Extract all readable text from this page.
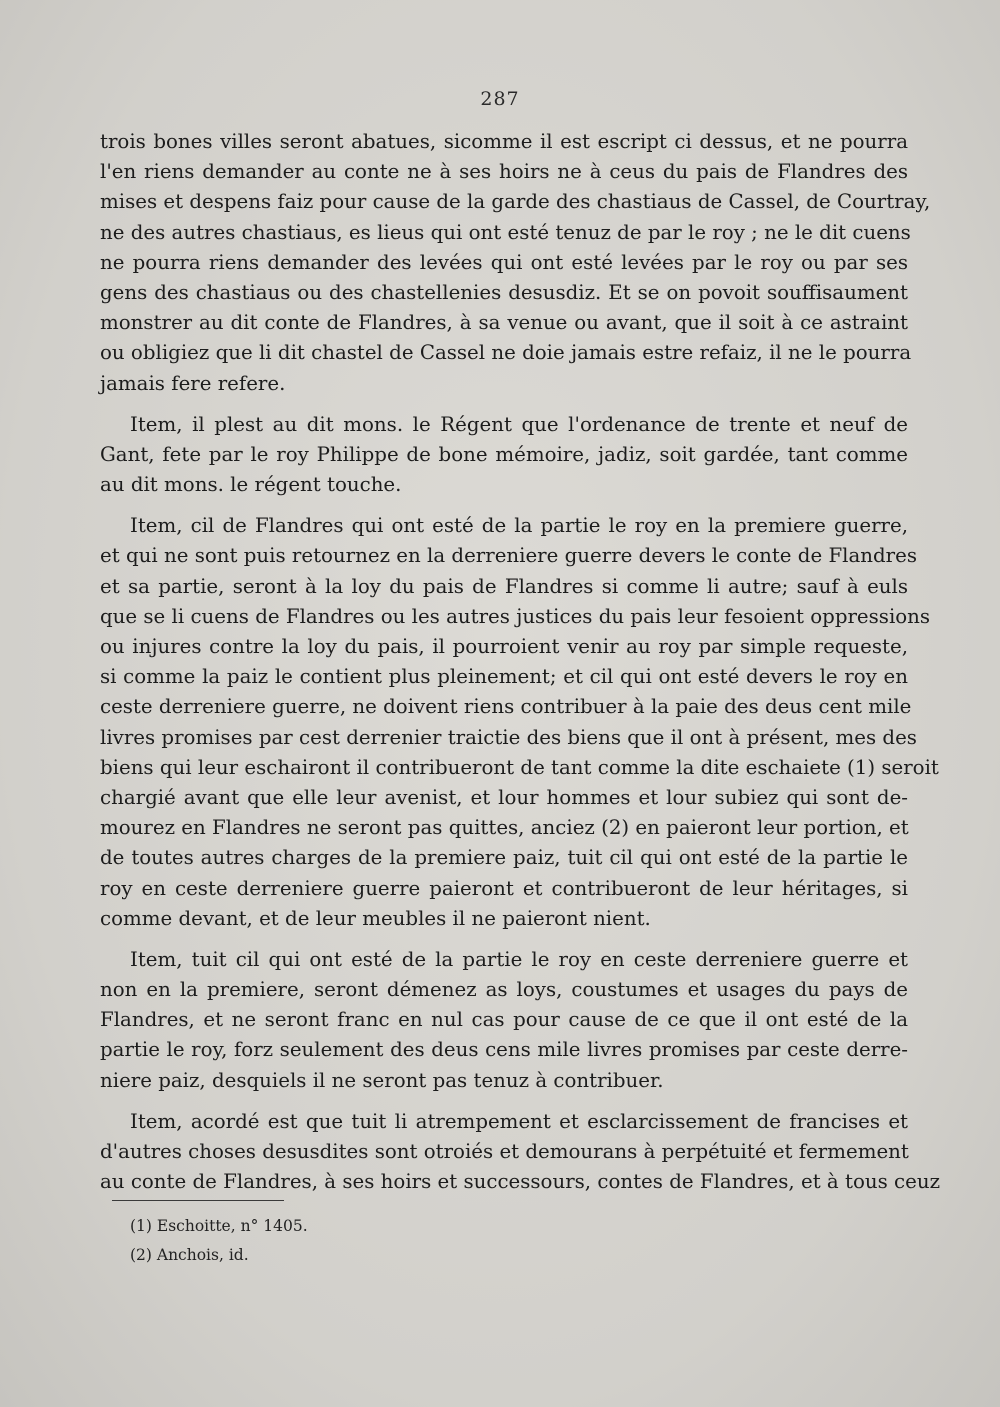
287
trois bones villes seront abatues, sicomme il est escript ci dessus, et ne pourra
l'en riens demander au conte ne à ses hoirs ne à ceus du pais de Flandres des
mises et despens faiz pour cause de la garde des chastiaus de Cassel, de Courtray,
ne des autres chastiaus, es lieus qui ont esté tenuz de par le roy ; ne le dit cuens
ne pourra riens demander des levées qui ont esté levées par le roy ou par ses
gens des chastiaus ou des chastellenies desusdiz. Et se on povoit souffisaument
monstrer au dit conte de Flandres, à sa venue ou avant, que il soit à ce astraint
ou obligiez que li dit chastel de Cassel ne doie jamais estre refaiz, il ne le pourra
jamais fere refere.
Item, il plest au dit mons. le Régent que l'ordenance de trente et neuf de
Gant, fete par le roy Philippe de bone mémoire, jadiz, soit gardée, tant comme
au dit mons. le régent touche.
Item, cil de Flandres qui ont esté de la partie le roy en la premiere guerre,
et qui ne sont puis retournez en la derreniere guerre devers le conte de Flandres
et sa partie, seront à la loy du pais de Flandres si comme li autre; sauf à euls
que se li cuens de Flandres ou les autres justices du pais leur fesoient oppressions
ou injures contre la loy du pais, il pourroient venir au roy par simple requeste,
si comme la paiz le contient plus pleinement; et cil qui ont esté devers le roy en
ceste derreniere guerre, ne doivent riens contribuer à la paie des deus cent mile
livres promises par cest derrenier traictie des biens que il ont à présent, mes des
biens qui leur eschairont il contribueront de tant comme la dite eschaiete (1) seroit
chargié avant que elle leur avenist, et lour hommes et lour subiez qui sont de-
mourez en Flandres ne seront pas quittes, anciez (2) en paieront leur portion, et
de toutes autres charges de la premiere paiz, tuit cil qui ont esté de la partie le
roy en ceste derreniere guerre paieront et contribueront de leur héritages, si
comme devant, et de leur meubles il ne paieront nient.
Item, tuit cil qui ont esté de la partie le roy en ceste derreniere guerre et
non en la premiere, seront démenez as loys, coustumes et usages du pays de
Flandres, et ne seront franc en nul cas pour cause de ce que il ont esté de la
partie le roy, forz seulement des deus cens mile livres promises par ceste derre-
niere paiz, desquiels il ne seront pas tenuz à contribuer.
Item, acordé est que tuit li atrempement et esclarcissement de francises et
d'autres choses desusdites sont otroiés et demourans à perpétuité et fermement
au conte de Flandres, à ses hoirs et successours, contes de Flandres, et à tous ceuz
(1) Eschoitte, n° 1405.
(2) Anchois, id.
